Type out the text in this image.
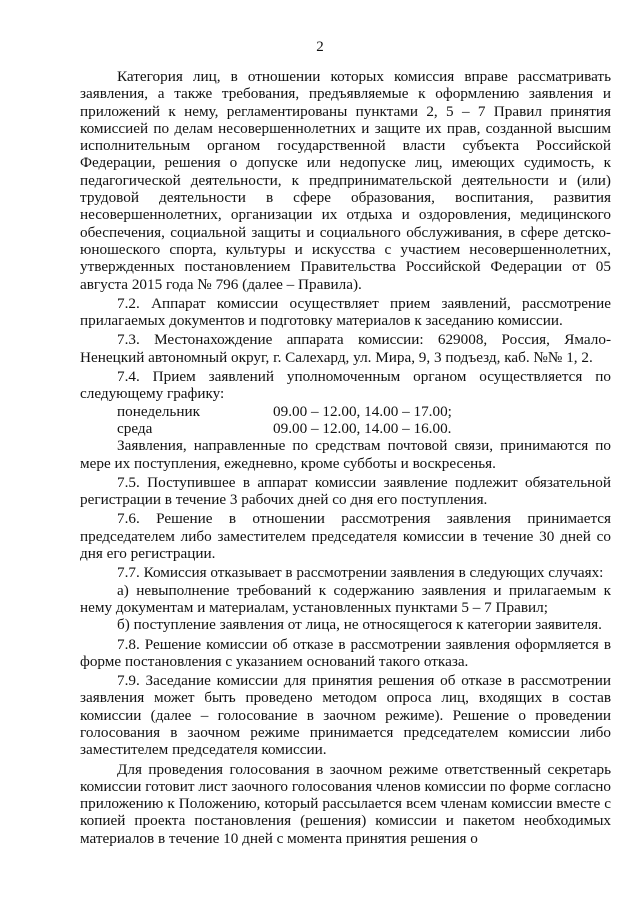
2

Категория лиц, в отношении которых комиссия вправе рассматривать заявления, а также требования, предъявляемые к оформлению заявления и приложений к нему, регламентированы пунктами 2, 5 – 7 Правил принятия комиссией по делам несовершеннолетних и защите их прав, созданной высшим исполнительным органом государственной власти субъекта Российской Федерации, решения о допуске или недопуске лиц, имеющих судимость, к педагогической деятельности, к предпринимательской деятельности и (или) трудовой деятельности в сфере образования, воспитания, развития несовершеннолетних, организации их отдыха и оздоровления, медицинского обеспечения, социальной защиты и социального обслуживания, в сфере детско-юношеского спорта, культуры и искусства с участием несовершеннолетних, утвержденных постановлением Правительства Российской Федерации от 05 августа 2015 года № 796 (далее – Правила).

7.2. Аппарат комиссии осуществляет прием заявлений, рассмотрение прилагаемых документов и подготовку материалов к заседанию комиссии.

7.3. Местонахождение аппарата комиссии: 629008, Россия, Ямало-Ненецкий автономный округ, г. Салехард, ул. Мира, 9, 3 подъезд, каб. №№ 1, 2.

7.4. Прием заявлений уполномоченным органом осуществляется по следующему графику:

понедельник	09.00 – 12.00, 14.00 – 17.00;
среда	09.00 – 12.00, 14.00 – 16.00.

Заявления, направленные по средствам почтовой связи, принимаются по мере их поступления, ежедневно, кроме субботы и воскресенья.

7.5. Поступившее в аппарат комиссии заявление подлежит обязательной регистрации в течение 3 рабочих дней со дня его поступления.

7.6. Решение в отношении рассмотрения заявления принимается председателем либо заместителем председателя комиссии в течение 30 дней со дня его регистрации.

7.7. Комиссия отказывает в рассмотрении заявления в следующих случаях:

а) невыполнение требований к содержанию заявления и прилагаемым к нему документам и материалам, установленных пунктами 5 – 7 Правил;

б) поступление заявления от лица, не относящегося к категории заявителя.

7.8. Решение комиссии об отказе в рассмотрении заявления оформляется в форме постановления с указанием оснований такого отказа.

7.9. Заседание комиссии для принятия решения об отказе в рассмотрении заявления может быть проведено методом опроса лиц, входящих в состав комиссии (далее – голосование в заочном режиме). Решение о проведении голосования в заочном режиме принимается председателем комиссии либо заместителем председателя комиссии.

Для проведения голосования в заочном режиме ответственный секретарь комиссии готовит лист заочного голосования членов комиссии по форме согласно приложению к Положению, который рассылается всем членам комиссии вместе с копией проекта постановления (решения) комиссии и пакетом необходимых материалов в течение 10 дней с момента принятия решения о
